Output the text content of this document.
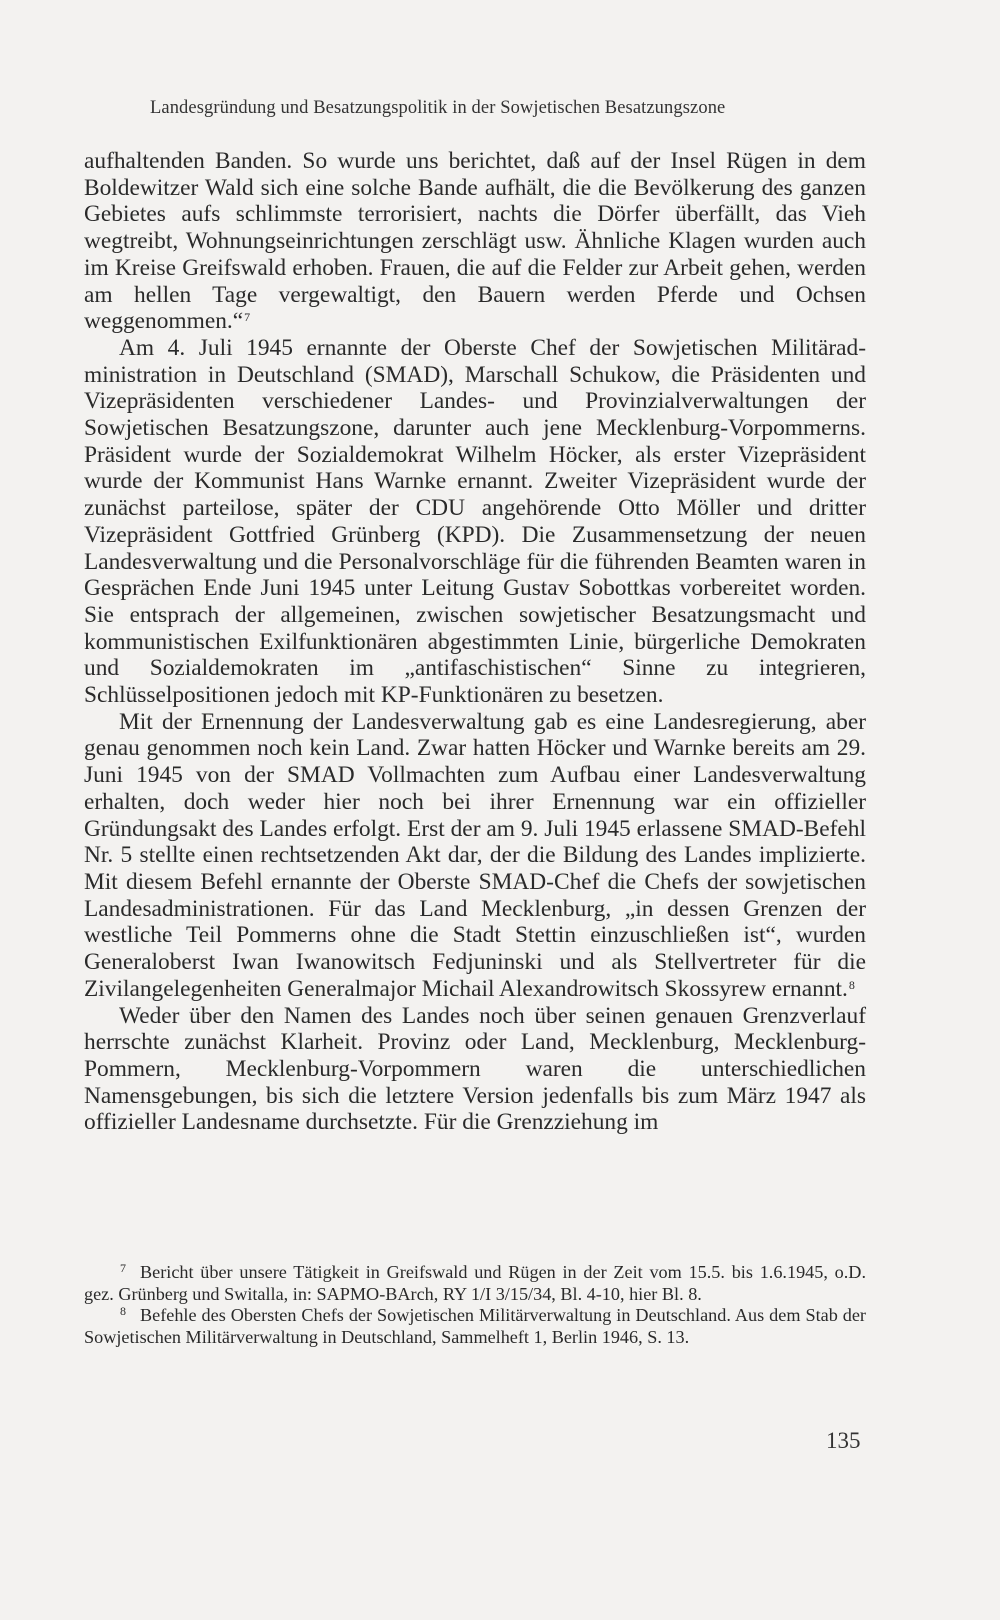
Landesgründung und Besatzungspolitik in der Sowjetischen Besatzungszone

aufhaltenden Banden. So wurde uns berichtet, daß auf der Insel Rügen in dem Boldewitzer Wald sich eine solche Bande aufhält, die die Bevölkerung des ganzen Gebietes aufs schlimmste terrorisiert, nachts die Dörfer überfällt, das Vieh wegtreibt, Wohnungseinrichtungen zerschlägt usw. Ähnliche Klagen wurden auch im Kreise Greifswald erhoben. Frauen, die auf die Felder zur Arbeit gehen, werden am hellen Tage vergewaltigt, den Bauern werden Pferde und Ochsen weggenommen.“$^7$

Am 4. Juli 1945 ernannte der Oberste Chef der Sowjetischen Militäradministration in Deutschland (SMAD), Marschall Schukow, die Präsidenten und Vizepräsidenten verschiedener Landes- und Provinzialverwaltungen der Sowjetischen Besatzungszone, darunter auch jene Mecklenburg-Vorpommerns. Präsident wurde der Sozialdemokrat Wilhelm Höcker, als erster Vizepräsident wurde der Kommunist Hans Warnke ernannt. Zweiter Vizepräsident wurde der zunächst parteilose, später der CDU angehörende Otto Möller und dritter Vizepräsident Gottfried Grünberg (KPD). Die Zusammensetzung der neuen Landesverwaltung und die Personalvorschläge für die führenden Beamten waren in Gesprächen Ende Juni 1945 unter Leitung Gustav Sobottkas vorbereitet worden. Sie entsprach der allgemeinen, zwischen sowjetischer Besatzungsmacht und kommunistischen Exilfunktionären abgestimmten Linie, bürgerliche Demokraten und Sozialdemokraten im „antifaschistischen“ Sinne zu integrieren, Schlüsselpositionen jedoch mit KP-Funktionären zu besetzen.

Mit der Ernennung der Landesverwaltung gab es eine Landesregierung, aber genau genommen noch kein Land. Zwar hatten Höcker und Warnke bereits am 29. Juni 1945 von der SMAD Vollmachten zum Aufbau einer Landesverwaltung erhalten, doch weder hier noch bei ihrer Ernennung war ein offizieller Gründungsakt des Landes erfolgt. Erst der am 9. Juli 1945 erlassene SMAD-Befehl Nr. 5 stellte einen rechtsetzenden Akt dar, der die Bildung des Landes implizierte. Mit diesem Befehl ernannte der Oberste SMAD-Chef die Chefs der sowjetischen Landesadministrationen. Für das Land Mecklenburg, „in dessen Grenzen der westliche Teil Pommerns ohne die Stadt Stettin einzuschließen ist“, wurden Generaloberst Iwan Iwanowitsch Fedjuninski und als Stellvertreter für die Zivilangelegenheiten Generalmajor Michail Alexandrowitsch Skossyrew ernannt.$^8$

Weder über den Namen des Landes noch über seinen genauen Grenzverlauf herrschte zunächst Klarheit. Provinz oder Land, Mecklenburg, Mecklenburg-Pommern, Mecklenburg-Vorpommern waren die unterschiedlichen Namensgebungen, bis sich die letztere Version jedenfalls bis zum März 1947 als offizieller Landesname durchsetzte. Für die Grenzziehung im

$^7$ Bericht über unsere Tätigkeit in Greifswald und Rügen in der Zeit vom 15.5. bis 1.6.1945, o.D. gez. Grünberg und Switalla, in: SAPMO-BArch, RY 1/I 3/15/34, Bl. 4-10, hier Bl. 8.

$^8$ Befehle des Obersten Chefs der Sowjetischen Militärverwaltung in Deutschland. Aus dem Stab der Sowjetischen Militärverwaltung in Deutschland, Sammelheft 1, Berlin 1946, S. 13.

135
